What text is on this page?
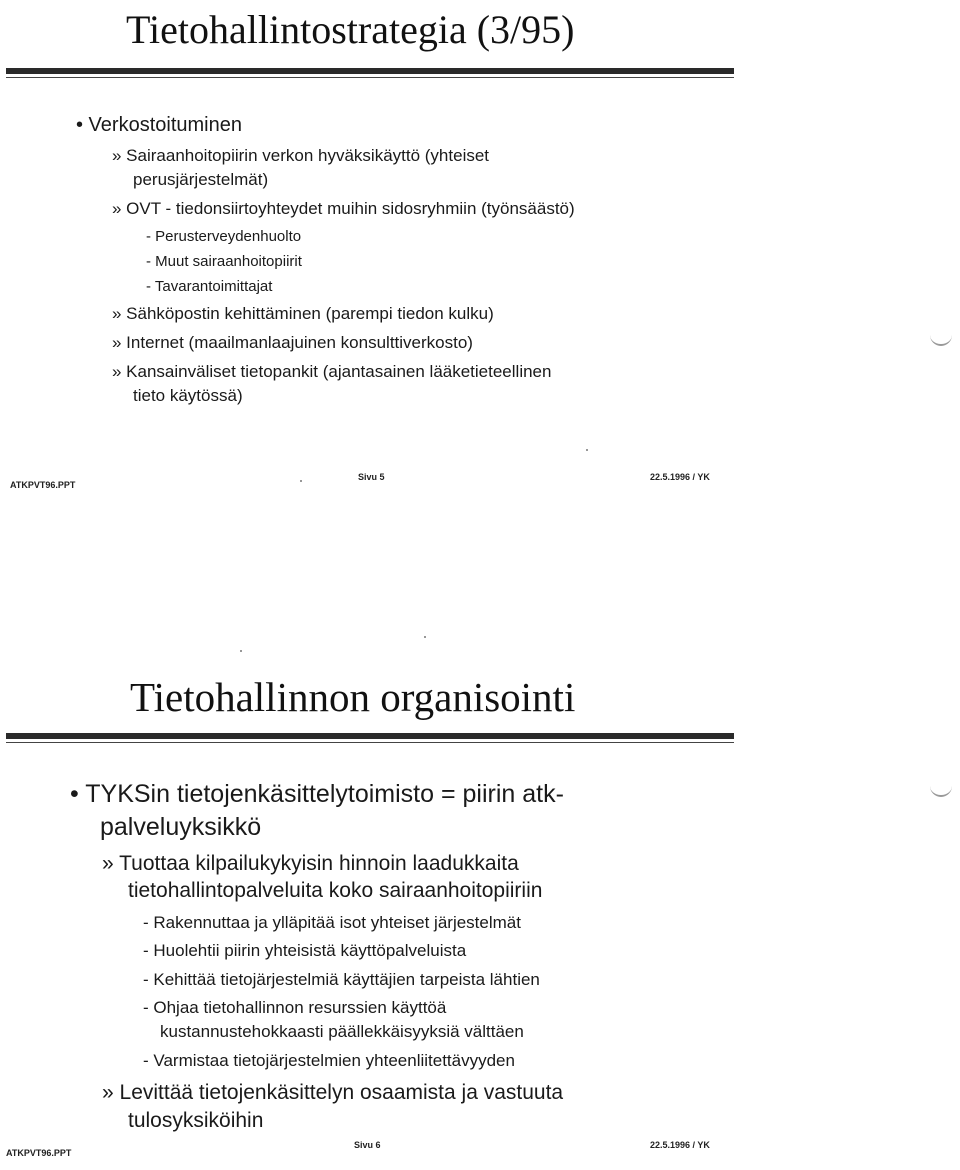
Tietohallintostrategia (3/95)
• Verkostoituminen
» Sairaanhoitopiirin verkon hyväksikäyttö (yhteiset
perusjärjestelmät)
» OVT - tiedonsiirtoyhteydet muihin sidosryhmiin (työnsäästö)
- Perusterveydenhuolto
- Muut sairaanhoitopiirit
- Tavarantoimittajat
» Sähköpostin kehittäminen (parempi tiedon kulku)
» Internet (maailmanlaajuinen konsulttiverkosto)
» Kansainväliset tietopankit (ajantasainen lääketieteellinen
tieto käytössä)
ATKPVT96.PPT
Sivu 5	22.5.1996 / YK
Tietohallinnon organisointi
• TYKSin tietojenkäsittelytoimisto = piirin atk-
palveluyksikkö
» Tuottaa kilpailukykyisin hinnoin laadukkaita
tietohallintopalveluita koko sairaanhoitopiiriin
- Rakennuttaa ja ylläpitää isot yhteiset järjestelmät
- Huolehtii piirin yhteisistä käyttöpalveluista
- Kehittää tietojärjestelmiä käyttäjien tarpeista lähtien
- Ohjaa tietohallinnon resurssien käyttöä
kustannustehokkaasti päällekkäisyyksiä välttäen
- Varmistaa tietojärjestelmien yhteenliitettävyyden
» Levittää tietojenkäsittelyn osaamista ja vastuuta
tulosyksiköihin
ATKPVT96.PPT
Sivu 6	22.5.1996 / YK
